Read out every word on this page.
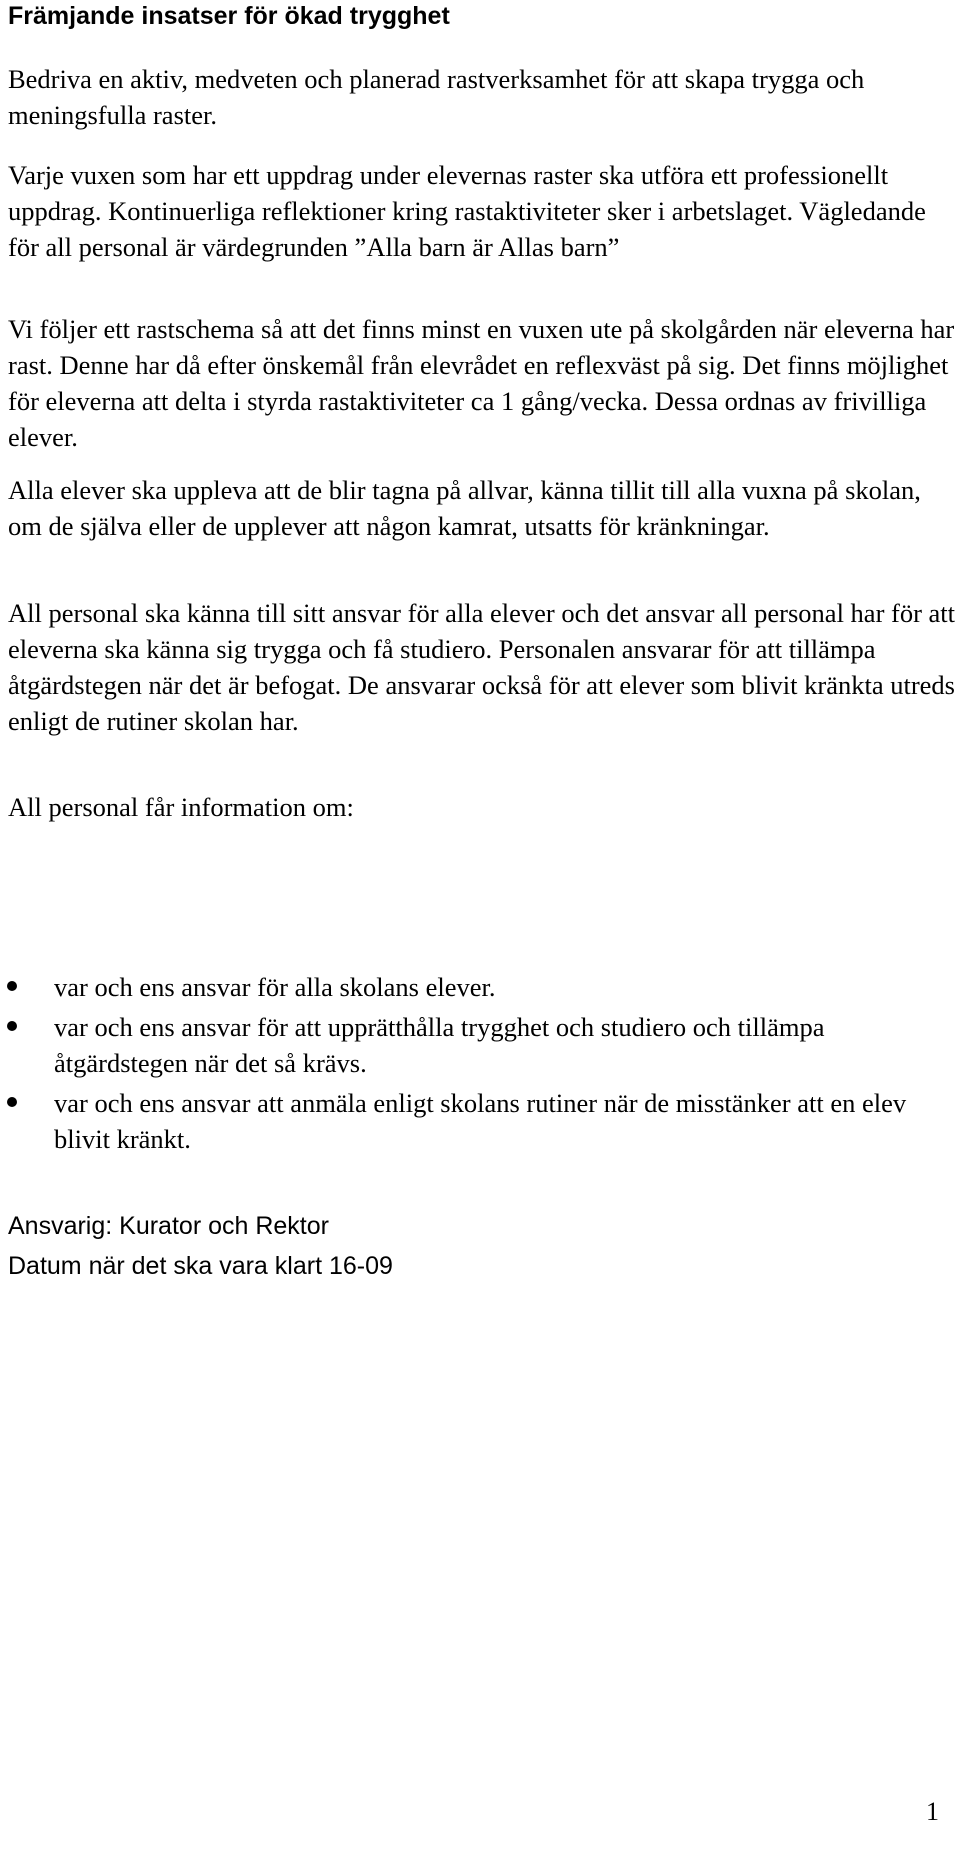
Främjande insatser för ökad trygghet

Bedriva en aktiv, medveten och planerad rastverksamhet för att skapa trygga och meningsfulla raster.

Varje vuxen som har ett uppdrag under elevernas raster ska utföra ett professionellt uppdrag. Kontinuerliga reflektioner kring rastaktiviteter sker i arbetslaget. Vägledande för all personal är värdegrunden ”Alla barn är Allas barn”

Vi följer ett rastschema så att det finns minst en vuxen ute på skolgården när eleverna har rast. Denne har då efter önskemål från elevrådet en reflexväst på sig. Det finns möjlighet för eleverna att delta i styrda rastaktiviteter ca 1 gång/vecka. Dessa ordnas av frivilliga elever.

Alla elever ska uppleva att de blir tagna på allvar, känna tillit till alla vuxna på skolan, om de själva eller de upplever att någon kamrat, utsatts för kränkningar.

All personal ska känna till sitt ansvar för alla elever och det ansvar all personal har för att eleverna ska känna sig trygga och få studiero. Personalen ansvarar för att tillämpa åtgärdstegen när det är befogat. De ansvarar också för att elever som blivit kränkta utreds enligt de rutiner skolan har.

All personal får information om:

var och ens ansvar för alla skolans elever.
var och ens ansvar för att upprätthålla trygghet och studiero och tillämpa åtgärdstegen när det så krävs.
var och ens ansvar att anmäla enligt skolans rutiner när de misstänker att en elev blivit kränkt.

Ansvarig: Kurator och Rektor

Datum när det ska vara klart 16-09

1
